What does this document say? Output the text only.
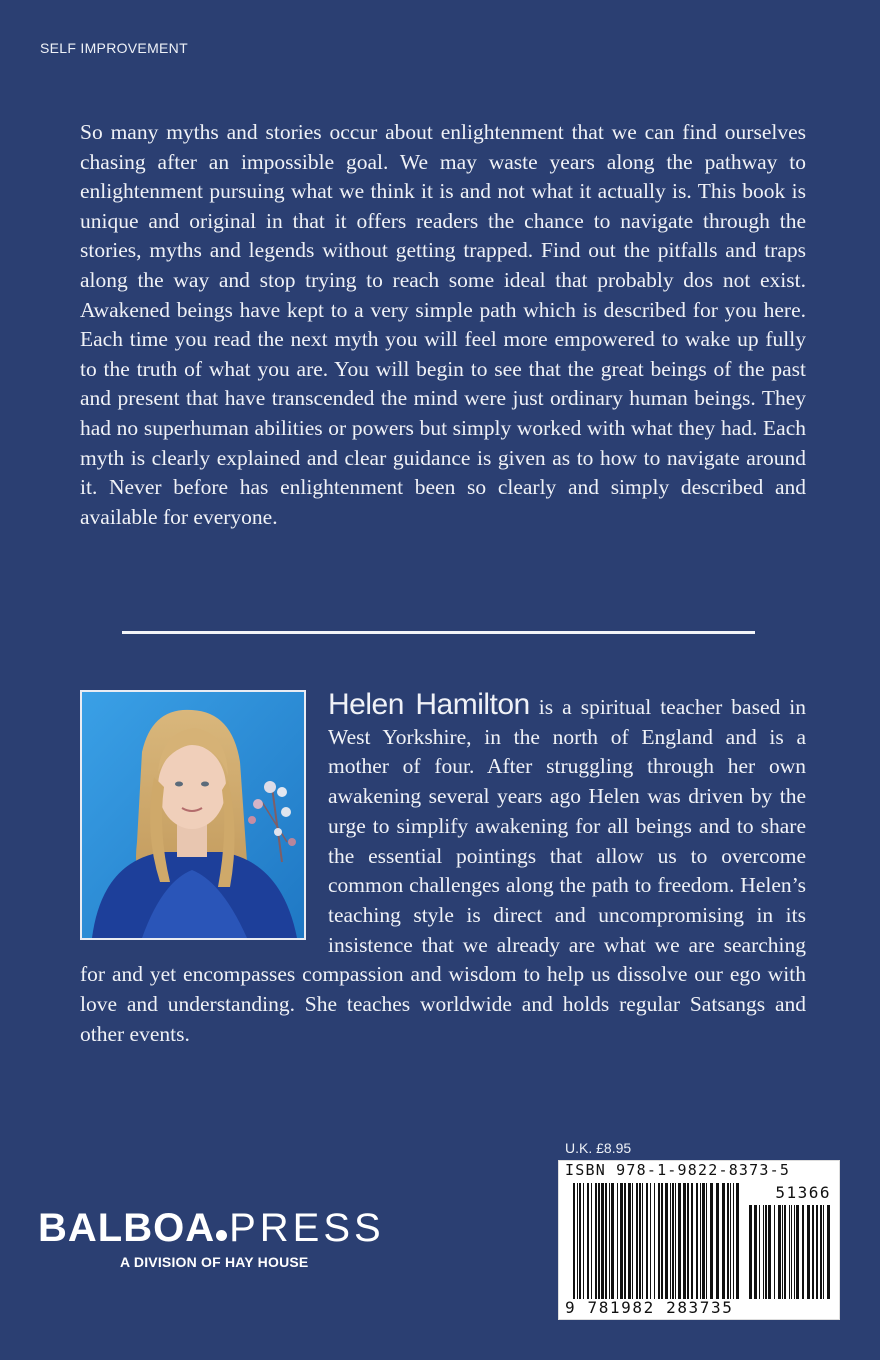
SELF IMPROVEMENT

So many myths and stories occur about enlightenment that we can find ourselves chasing after an impossible goal. We may waste years along the pathway to enlightenment pursuing what we think it is and not what it actually is. This book is unique and original in that it offers readers the chance to navigate through the stories, myths and legends without getting trapped. Find out the pitfalls and traps along the way and stop trying to reach some ideal that probably dos not exist. Awakened beings have kept to a very simple path which is described for you here. Each time you read the next myth you will feel more empowered to wake up fully to the truth of what you are. You will begin to see that the great beings of the past and present that have transcended the mind were just ordinary human beings. They had no superhuman abilities or powers but simply worked with what they had. Each myth is clearly explained and clear guidance is given as to how to navigate around it. Never before has enlightenment been so clearly and simply described and available for everyone.

Helen Hamilton is a spiritual teacher based in West Yorkshire, in the north of England and is a mother of four. After struggling through her own awakening several years ago Helen was driven by the urge to simplify awakening for all beings and to share the essential pointings that allow us to overcome common challenges along the path to freedom. Helen’s teaching style is direct and uncompromising in its insistence that we already are what we are searching for and yet encompasses compassion and wisdom to help us dissolve our ego with love and understanding. She teaches worldwide and holds regular Satsangs and other events.
U.K. £8.95
ISBN 978-1-9822-8373-5
51366
9 781982 283735
BALBOA PRESS
A DIVISION OF HAY HOUSE
